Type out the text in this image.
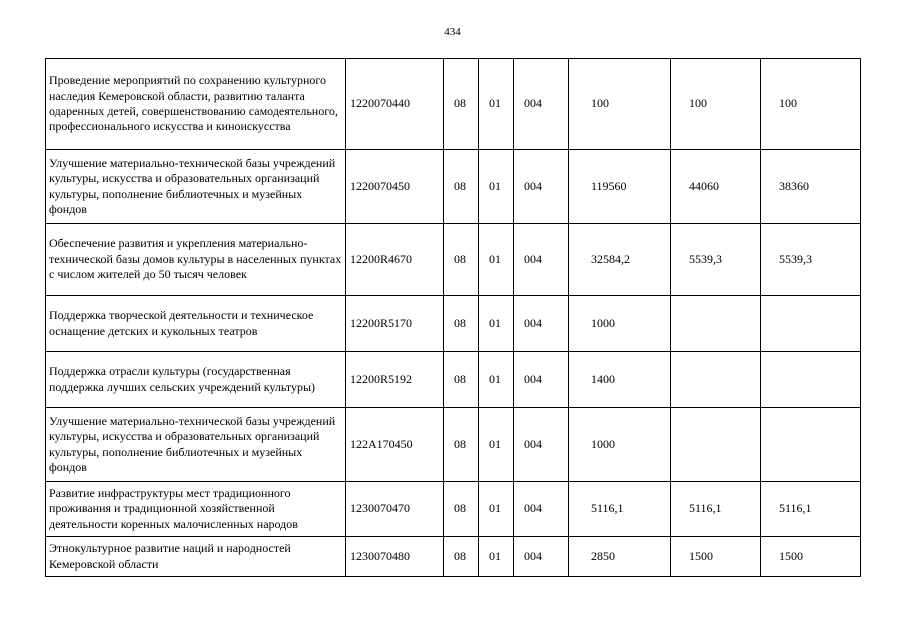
434
Проведение мероприятий по сохранению культурного наследия Кемеровской области, развитию таланта одаренных детей, совершенствованию самодеятельного, профессионального искусства и киноискусства	1220070440	08	01	004	100	100	100
Улучшение материально-технической базы учреждений культуры, искусства и образовательных организаций культуры, пополнение библиотечных и музейных фондов	1220070450	08	01	004	119560	44060	38360
Обеспечение развития и укрепления материально-технической базы домов культуры в населенных пунктах с числом жителей до 50 тысяч человек	12200R4670	08	01	004	32584,2	5539,3	5539,3
Поддержка творческой деятельности и техническое оснащение детских и кукольных театров	12200R5170	08	01	004	1000		
Поддержка отрасли культуры (государственная поддержка лучших сельских учреждений культуры)	12200R5192	08	01	004	1400		
Улучшение материально-технической базы учреждений культуры, искусства и образовательных организаций культуры, пополнение библиотечных и музейных фондов	122A170450	08	01	004	1000		
Развитие инфраструктуры мест традиционного проживания и традиционной хозяйственной деятельности коренных малочисленных народов	1230070470	08	01	004	5116,1	5116,1	5116,1
Этнокультурное развитие наций и народностей Кемеровской области	1230070480	08	01	004	2850	1500	1500
